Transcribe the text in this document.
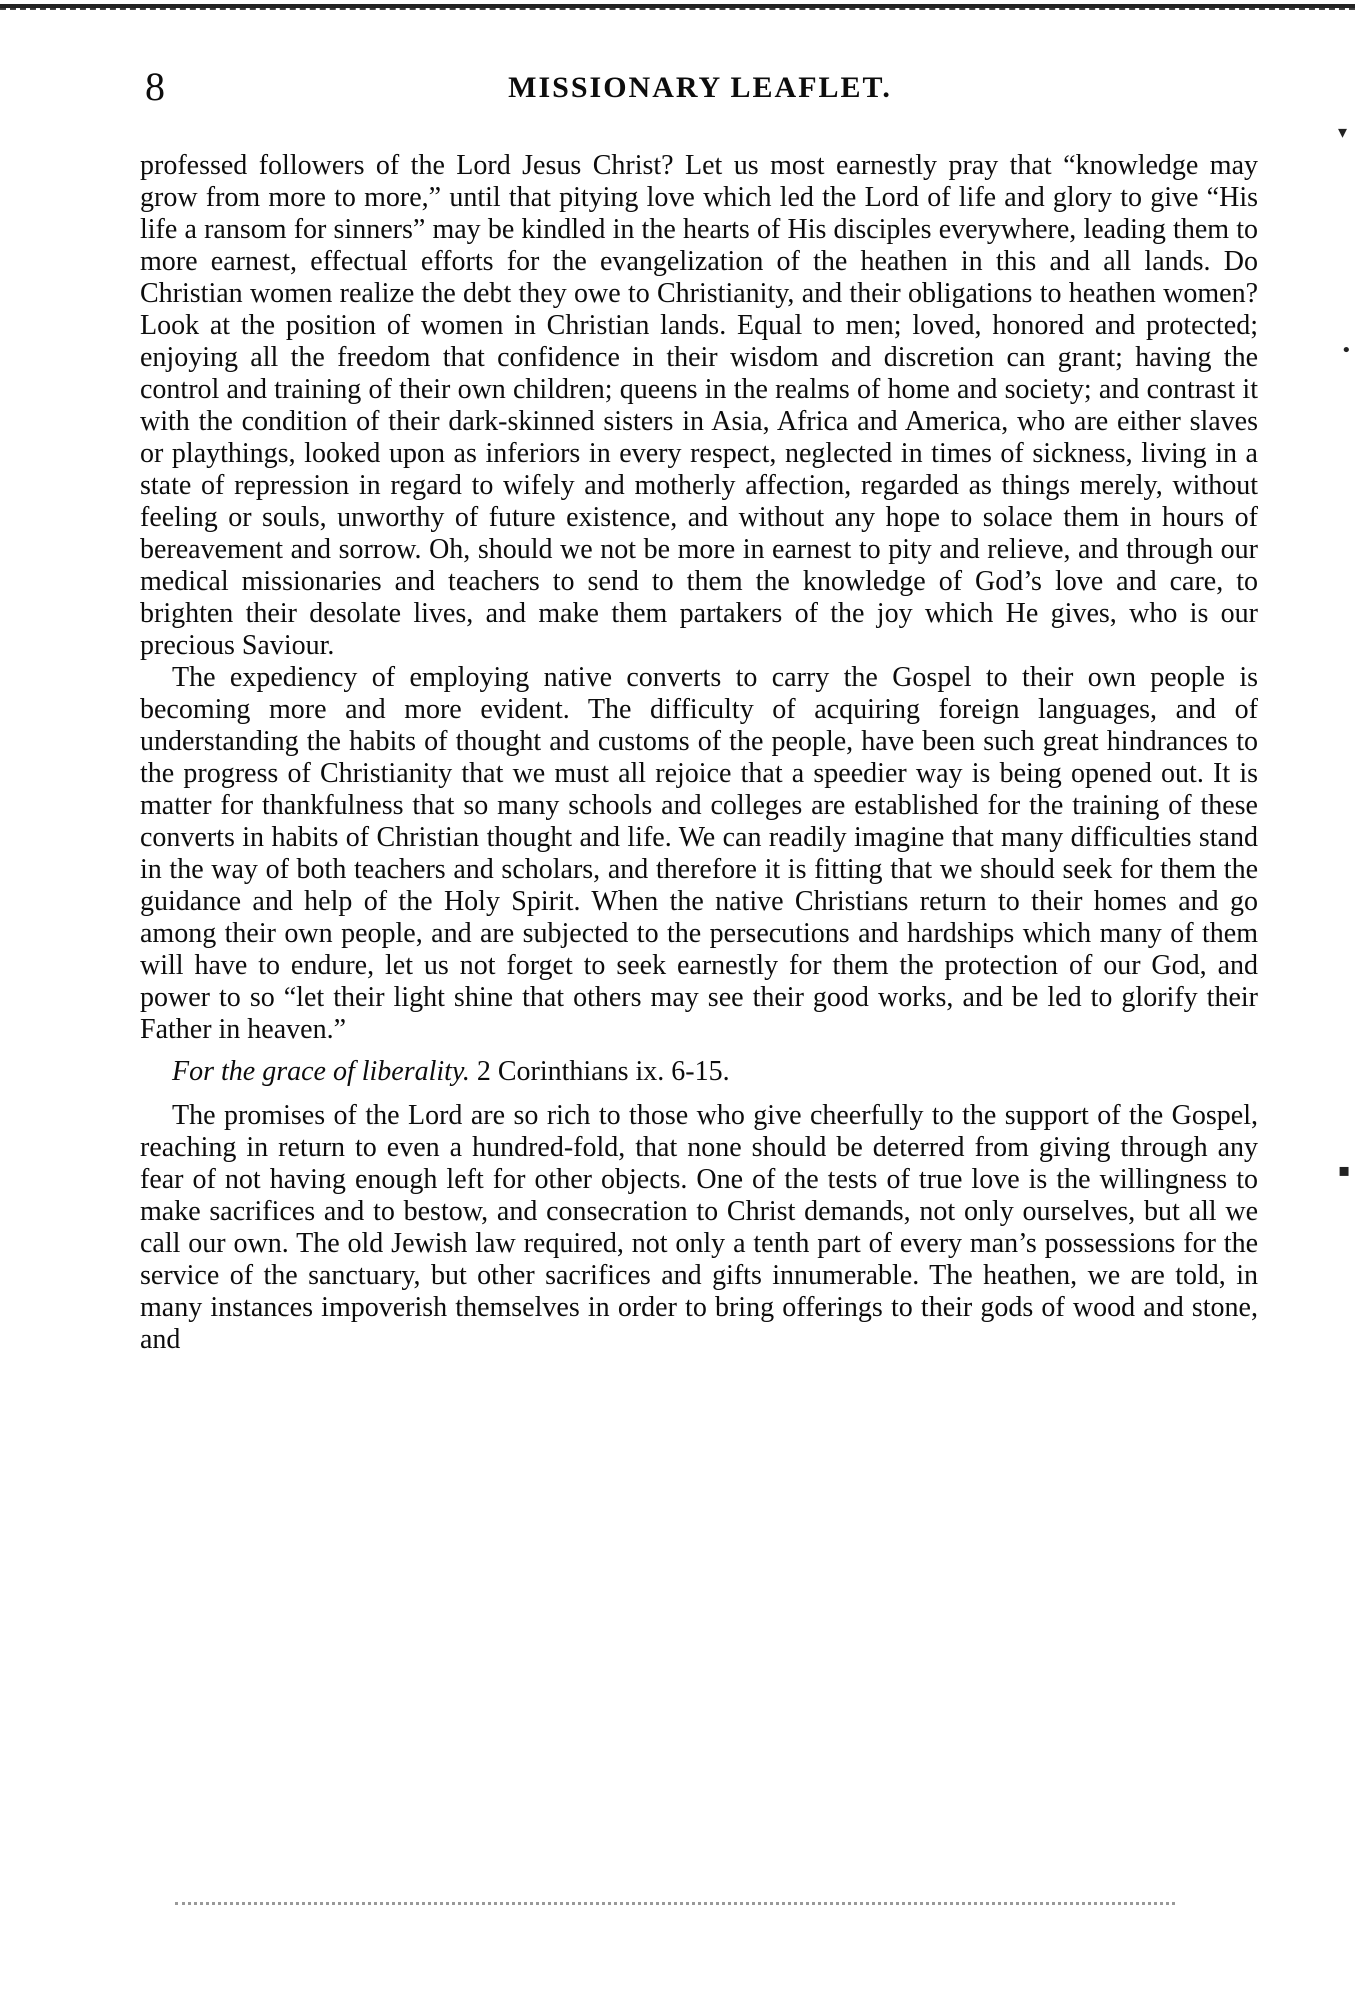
8	MISSIONARY LEAFLET.
▾
•
▪

professed followers of the Lord Jesus Christ? Let us most earnestly pray that “knowledge may grow from more to more,” until that pitying love which led the Lord of life and glory to give “His life a ransom for sinners” may be kindled in the hearts of His disciples everywhere, leading them to more earnest, effectual efforts for the evangelization of the heathen in this and all lands. Do Christian women realize the debt they owe to Christianity, and their obligations to heathen women? Look at the position of women in Christian lands. Equal to men; loved, honored and protected; enjoying all the freedom that confidence in their wisdom and discretion can grant; having the control and training of their own children; queens in the realms of home and society; and contrast it with the condition of their dark-skinned sisters in Asia, Africa and America, who are either slaves or playthings, looked upon as inferiors in every respect, neglected in times of sickness, living in a state of repression in regard to wifely and motherly affection, regarded as things merely, without feeling or souls, unworthy of future existence, and without any hope to solace them in hours of bereavement and sorrow. Oh, should we not be more in earnest to pity and relieve, and through our medical missionaries and teachers to send to them the knowledge of God’s love and care, to brighten their desolate lives, and make them partakers of the joy which He gives, who is our precious Saviour.

The expediency of employing native converts to carry the Gospel to their own people is becoming more and more evident. The difficulty of acquiring foreign languages, and of understanding the habits of thought and customs of the people, have been such great hindrances to the progress of Christianity that we must all rejoice that a speedier way is being opened out. It is matter for thankfulness that so many schools and colleges are established for the training of these converts in habits of Christian thought and life. We can readily imagine that many difficulties stand in the way of both teachers and scholars, and therefore it is fitting that we should seek for them the guidance and help of the Holy Spirit. When the native Christians return to their homes and go among their own people, and are subjected to the persecutions and hardships which many of them will have to endure, let us not forget to seek earnestly for them the protection of our God, and power to so “let their light shine that others may see their good works, and be led to glorify their Father in heaven.”

For the grace of liberality. 2 Corinthians ix. 6-15.

The promises of the Lord are so rich to those who give cheerfully to the support of the Gospel, reaching in return to even a hundred-fold, that none should be deterred from giving through any fear of not having enough left for other objects. One of the tests of true love is the willingness to make sacrifices and to bestow, and consecration to Christ demands, not only ourselves, but all we call our own. The old Jewish law required, not only a tenth part of every man’s possessions for the service of the sanctuary, but other sacrifices and gifts innumerable. The heathen, we are told, in many instances impoverish themselves in order to bring offerings to their gods of wood and stone, and
